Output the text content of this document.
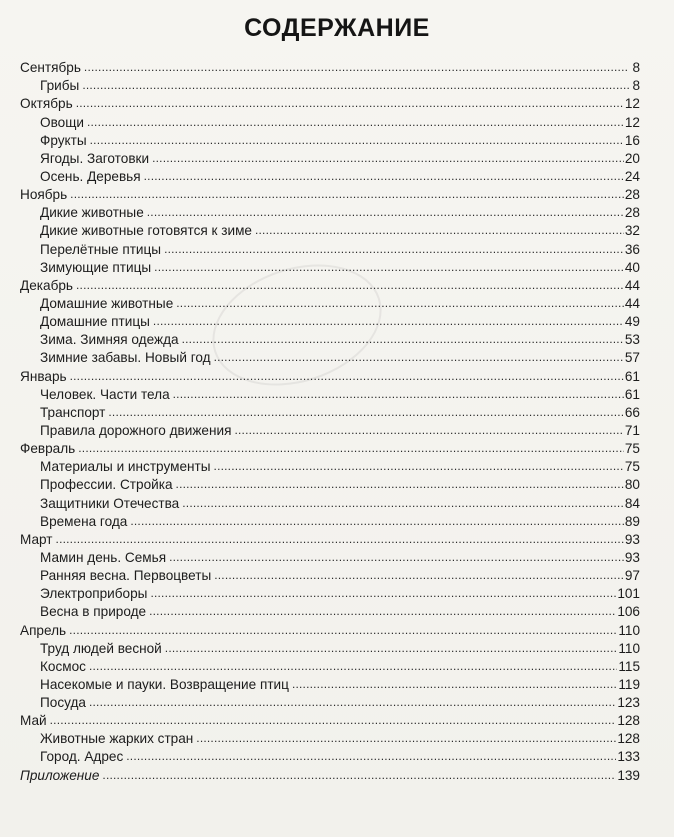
СОДЕРЖАНИЕ
Сентябрь .....	8
Грибы .....	8
Октябрь .....	12
Овощи .....	12
Фрукты .....	16
Ягоды. Заготовки .....	20
Осень. Деревья .....	24
Ноябрь .....	28
Дикие животные .....	28
Дикие животные готовятся к зиме .....	32
Перелётные птицы .....	36
Зимующие птицы .....	40
Декабрь .....	44
Домашние животные .....	44
Домашние птицы .....	49
Зима. Зимняя одежда .....	53
Зимние забавы. Новый год .....	57
Январь .....	61
Человек. Части тела .....	61
Транспорт .....	66
Правила дорожного движения .....	71
Февраль .....	75
Материалы и инструменты .....	75
Профессии. Стройка .....	80
Защитники Отечества .....	84
Времена года .....	89
Март .....	93
Мамин день. Семья .....	93
Ранняя весна. Первоцветы .....	97
Электроприборы .....	101
Весна в природе .....	106
Апрель .....	110
Труд людей весной .....	110
Космос .....	115
Насекомые и пауки. Возвращение птиц .....	119
Посуда .....	123
Май .....	128
Животные жарких стран .....	128
Город. Адрес .....	133
Приложение .....	139
